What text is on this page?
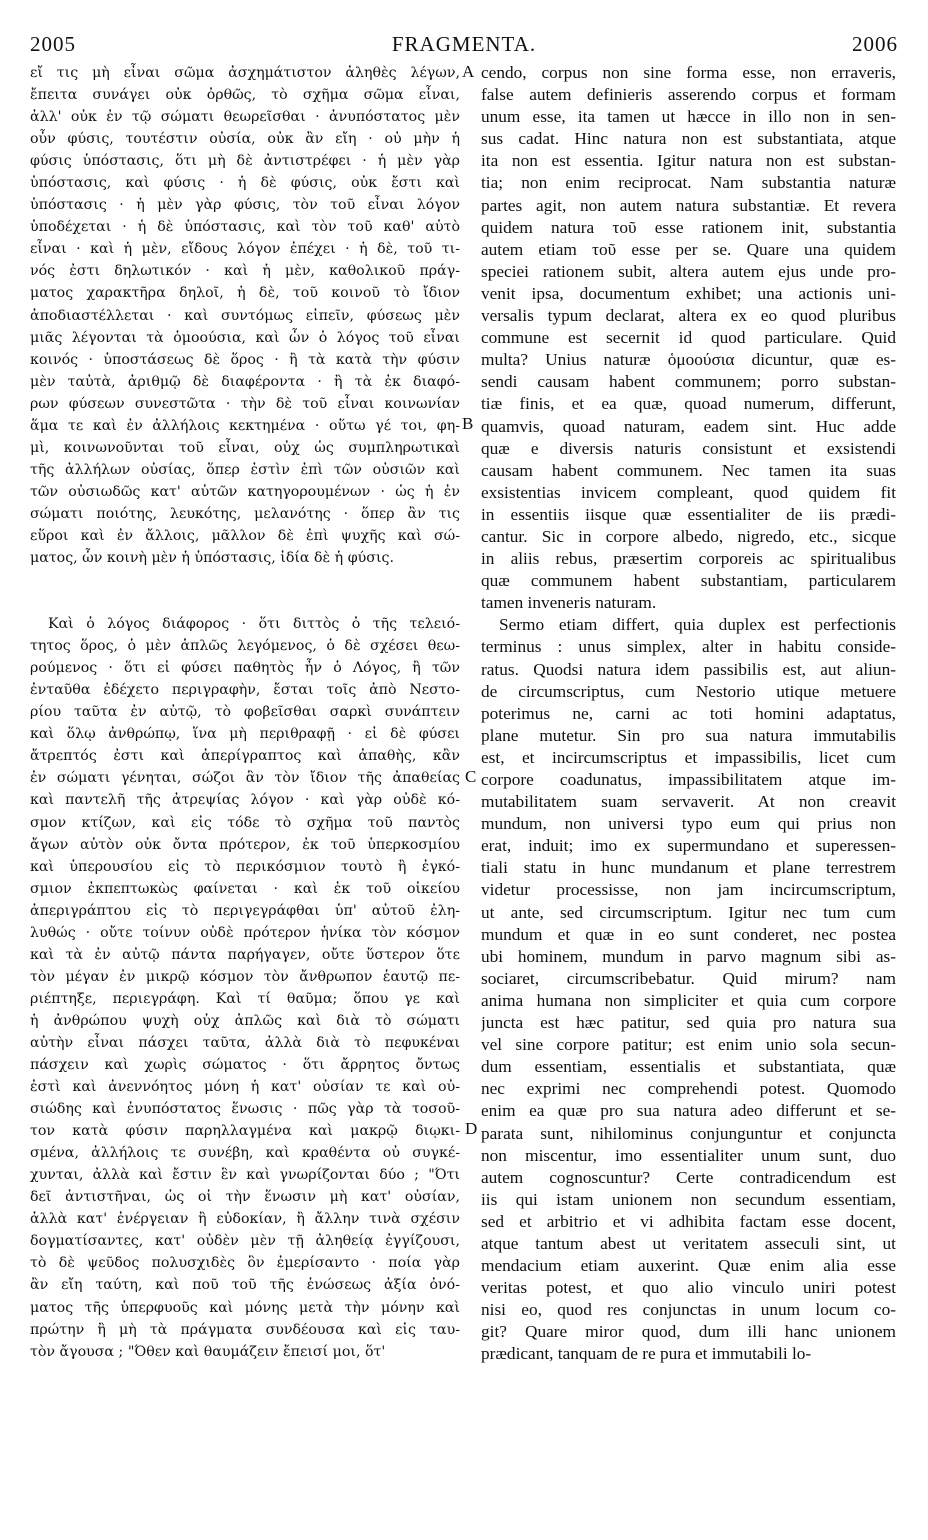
2005	FRAGMENTA.	2006
εἴ τις μὴ εἶναι σῶμα ἀσχημάτιστον ἀληθὲς λέγων,
ἔπειτα συνάγει οὐκ ὀρθῶς, τὸ σχῆμα σῶμα εἶναι,
ἀλλ' οὐκ ἐν τῷ σώματι θεωρεῖσθαι · ἀνυπόστατος μὲν
οὖν φύσις, τουτέστιν οὐσία, οὐκ ἂν εἴη · οὐ μὴν ἡ
φύσις ὑπόστασις, ὅτι μὴ δὲ ἀντιστρέφει · ἡ μὲν γὰρ
ὑπόστασις, καὶ φύσις · ἡ δὲ φύσις, οὐκ ἔστι καὶ
ὑπόστασις · ἡ μὲν γὰρ φύσις, τὸν τοῦ εἶναι λόγον
ὑποδέχεται · ἡ δὲ ὑπόστασις, καὶ τὸν τοῦ καθ' αὑτὸ
εἶναι · καὶ ἡ μὲν, εἴδους λόγον ἐπέχει · ἡ δὲ, τοῦ τι-
νός ἐστι δηλωτικόν · καὶ ἡ μὲν, καθολικοῦ πράγ-
ματος χαρακτῆρα δηλοῖ, ἡ δὲ, τοῦ κοινοῦ τὸ ἴδιον
ἀποδιαστέλλεται · καὶ συντόμως εἰπεῖν, φύσεως μὲν
μιᾶς λέγονται τὰ ὁμοούσια, καὶ ὧν ὁ λόγος τοῦ εἶναι
κοινός · ὑποστάσεως δὲ ὅρος · ἢ τὰ κατὰ τὴν φύσιν
μὲν ταὐτὰ, ἀριθμῷ δὲ διαφέροντα · ἢ τὰ ἐκ διαφό-
ρων φύσεων συνεστῶτα · τὴν δὲ τοῦ εἶναι κοινωνίαν
ἅμα τε καὶ ἐν ἀλλήλοις κεκτημένα · οὕτω γέ τοι, φη-
μὶ, κοινωνοῦνται τοῦ εἶναι, οὐχ ὡς συμπληρωτικαὶ
τῆς ἀλλήλων οὐσίας, ὅπερ ἐστὶν ἐπὶ τῶν οὐσιῶν καὶ
τῶν οὐσιωδῶς κατ' αὐτῶν κατηγορουμένων · ὡς ἡ ἐν
σώματι ποιότης, λευκότης, μελανότης · ὅπερ ἂν τις
εὕροι καὶ ἐν ἄλλοις, μᾶλλον δὲ ἐπὶ ψυχῆς καὶ σώ-
ματος, ὧν κοινὴ μὲν ἡ ὑπόστασις, ἰδία δὲ ἡ φύσις.
Καὶ ὁ λόγος διάφορος · ὅτι διττὸς ὁ τῆς τελειό-
τητος ὅρος, ὁ μὲν ἁπλῶς λεγόμενος, ὁ δὲ σχέσει θεω-
ρούμενος · ὅτι εἰ φύσει παθητὸς ἦν ὁ Λόγος, ἢ τῶν
ἐνταῦθα ἐδέχετο περιγραφὴν, ἔσται τοῖς ἀπὸ Νεστο-
ρίου ταῦτα ἐν αὐτῷ, τὸ φοβεῖσθαι σαρκὶ συνάπτειν
καὶ ὅλῳ ἀνθρώπῳ, ἵνα μὴ περιθραφῇ · εἰ δὲ φύσει
ἄτρεπτός ἐστι καὶ ἀπερίγραπτος καὶ ἀπαθὴς, κἂν
ἐν σώματι γένηται, σώζοι ἂν τὸν ἴδιον τῆς ἀπαθείας
καὶ παντελῆ τῆς ἀτρεψίας λόγον · καὶ γὰρ οὐδὲ κό-
σμον κτίζων, καὶ εἰς τόδε τὸ σχῆμα τοῦ παντὸς
ἄγων αὐτὸν οὐκ ὄντα πρότερον, ἐκ τοῦ ὑπερκοσμίου
καὶ ὑπερουσίου εἰς τὸ περικόσμιον τουτὸ ἢ ἐγκό-
σμιον ἐκπεπτωκὼς φαίνεται · καὶ ἐκ τοῦ οἰκείου
ἀπεριγράπτου εἰς τὸ περιγεγράφθαι ὑπ' αὐτοῦ ἐλη-
λυθώς · οὔτε τοίνυν οὐδὲ πρότερον ἡνίκα τὸν κόσμον
καὶ τὰ ἐν αὐτῷ πάντα παρήγαγεν, οὔτε ὕστερον ὅτε
τὸν μέγαν ἐν μικρῷ κόσμον τὸν ἄνθρωπον ἑαυτῷ πε-
ριέπτηξε, περιεγράφη. Καὶ τί θαῦμα; ὅπου γε καὶ
ἡ ἀνθρώπου ψυχὴ οὐχ ἁπλῶς καὶ διὰ τὸ σώματι
αὐτὴν εἶναι πάσχει ταῦτα, ἀλλὰ διὰ τὸ πεφυκέναι
πάσχειν καὶ χωρὶς σώματος · ὅτι ἄρρητος ὄντως
ἐστὶ καὶ ἀνεννόητος μόνη ἡ κατ' οὐσίαν τε καὶ οὐ-
σιώδης καὶ ἐνυπόστατος ἕνωσις · πῶς γὰρ τὰ τοσοῦ-
τον κατὰ φύσιν παρηλλαγμένα καὶ μακρῷ διῳκι-
σμένα, ἀλλήλοις τε συνέβη, καὶ κραθέντα οὐ συγκέ-
χυνται, ἀλλὰ καὶ ἔστιν ἓν καὶ γνωρίζονται δύο ; "Ότι
δεῖ ἀντιστῆναι, ὡς οἱ τὴν ἕνωσιν μὴ κατ' οὐσίαν,
ἀλλὰ κατ' ἐνέργειαν ἢ εὐδοκίαν, ἢ ἄλλην τινὰ σχέσιν
δογματίσαντες, κατ' οὐδὲν μὲν τῇ ἀληθείᾳ ἐγγίζουσι,
τὸ δὲ ψεῦδος πολυσχιδὲς ὃν ἐμερίσαντο · ποία γὰρ
ἂν εἴη ταύτη, καὶ ποῦ τοῦ τῆς ἑνώσεως ἀξία ὀνό-
ματος τῆς ὑπερφυοῦς καὶ μόνης μετὰ τὴν μόνην καὶ
πρώτην ἢ μὴ τὰ πράγματα συνδέουσα καὶ εἰς ταυ-
τὸν ἄγουσα ; "Όθεν καὶ θαυμάζειν ἔπεισί μοι, ὅτ'
cendo, corpus non sine forma esse, non erraveris,
false autem definieris asserendo corpus et formam
unum esse, ita tamen ut hæcce in illo non in sen-
sus cadat. Hinc natura non est substantiata, atque
ita non est essentia. Igitur natura non est substan-
tia; non enim reciprocat. Nam substantia naturæ
partes agit, non autem natura substantiæ. Et revera
quidem natura τοῦ esse rationem init, substantia
autem etiam τοῦ esse per se. Quare una quidem
speciei rationem subit, altera autem ejus unde pro-
venit ipsa, documentum exhibet; una actionis uni-
versalis typum declarat, altera ex eo quod pluribus
commune est secernit id quod particulare. Quid
multa? Unius naturæ ὁμοούσια dicuntur, quæ es-
sendi causam habent communem; porro substan-
tiæ finis, et ea quæ, quoad numerum, differunt,
quamvis, quoad naturam, eadem sint. Huc adde
quæ e diversis naturis consistunt et exsistendi
causam habent communem. Nec tamen ita suas
exsistentias invicem compleant, quod quidem fit
in essentiis iisque quæ essentialiter de iis prædi-
cantur. Sic in corpore albedo, nigredo, etc., sicque
in aliis rebus, præsertim corporeis ac spiritualibus
quæ communem habent substantiam, particularem
tamen inveneris naturam.
Sermo etiam differt, quia duplex est perfectionis
terminus : unus simplex, alter in habitu conside-
ratus. Quodsi natura idem passibilis est, aut aliun-
de circumscriptus, cum Nestorio utique metuere
poterimus ne, carni ac toti homini adaptatus,
plane mutetur. Sin pro sua natura immutabilis
est, et incircumscriptus et impassibilis, licet cum
corpore coadunatus, impassibilitatem atque im-
mutabilitatem suam servaverit. At non creavit
mundum, non universi typo eum qui prius non
erat, induit; imo ex supermundano et superessen-
tiali statu in hunc mundanum et plane terrestrem
videtur processisse, non jam incircumscriptum,
ut ante, sed circumscriptum. Igitur nec tum cum
mundum et quæ in eo sunt conderet, nec postea
ubi hominem, mundum in parvo magnum sibi as-
sociaret, circumscribebatur. Quid mirum? nam
anima humana non simpliciter et quia cum corpore
juncta est hæc patitur, sed quia pro natura sua
vel sine corpore patitur; est enim unio sola secun-
dum essentiam, essentialis et substantiata, quæ
nec exprimi nec comprehendi potest. Quomodo
enim ea quæ pro sua natura adeo differunt et se-
parata sunt, nihilominus conjunguntur et conjuncta
non miscentur, imo essentialiter unum sunt, duo
autem cognoscuntur? Certe contradicendum est
iis qui istam unionem non secundum essentiam,
sed et arbitrio et vi adhibita factam esse docent,
atque tantum abest ut veritatem asseculi sint, ut
mendacium etiam auxerint. Quæ enim alia esse
veritas potest, et quo alio vinculo uniri potest
nisi eo, quod res conjunctas in unum locum co-
git? Quare miror quod, dum illi hanc unionem
prædicant, tanquam de re pura et immutabili lo-
A
B
C
D
